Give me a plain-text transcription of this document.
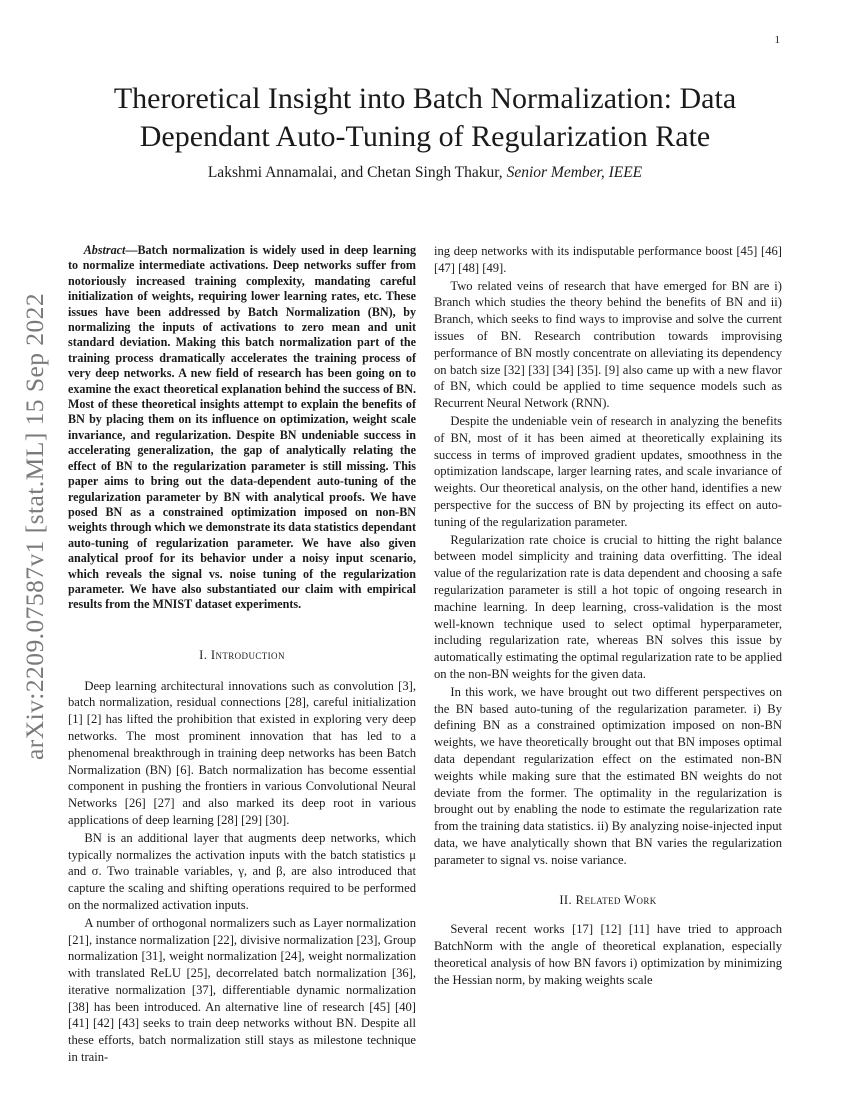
1
arXiv:2209.07587v1 [stat.ML] 15 Sep 2022
Theroretical Insight into Batch Normalization: Data Dependant Auto-Tuning of Regularization Rate
Lakshmi Annamalai, and Chetan Singh Thakur, Senior Member, IEEE

Abstract—Batch normalization is widely used in deep learning to normalize intermediate activations. Deep networks suffer from notoriously increased training complexity, mandating careful initialization of weights, requiring lower learning rates, etc. These issues have been addressed by Batch Normalization (BN), by normalizing the inputs of activations to zero mean and unit standard deviation. Making this batch normalization part of the training process dramatically accelerates the training process of very deep networks. A new field of research has been going on to examine the exact theoretical explanation behind the success of BN. Most of these theoretical insights attempt to explain the benefits of BN by placing them on its influence on optimization, weight scale invariance, and regularization. Despite BN undeniable success in accelerating generalization, the gap of analytically relating the effect of BN to the regularization parameter is still missing. This paper aims to bring out the data-dependent auto-tuning of the regularization parameter by BN with analytical proofs. We have posed BN as a constrained optimization imposed on non-BN weights through which we demonstrate its data statistics dependant auto-tuning of regularization parameter. We have also given analytical proof for its behavior under a noisy input scenario, which reveals the signal vs. noise tuning of the regularization parameter. We have also substantiated our claim with empirical results from the MNIST dataset experiments.

I. Introduction

Deep learning architectural innovations such as convolution [3], batch normalization, residual connections [28], careful initialization [1] [2] has lifted the prohibition that existed in exploring very deep networks. The most prominent innovation that has led to a phenomenal breakthrough in training deep networks has been Batch Normalization (BN) [6]. Batch normalization has become essential component in pushing the frontiers in various Convolutional Neural Networks [26] [27] and also marked its deep root in various applications of deep learning [28] [29] [30].

BN is an additional layer that augments deep networks, which typically normalizes the activation inputs with the batch statistics μ and σ. Two trainable variables, γ, and β, are also introduced that capture the scaling and shifting operations required to be performed on the normalized activation inputs.

A number of orthogonal normalizers such as Layer normalization [21], instance normalization [22], divisive normalization [23], Group normalization [31], weight normalization [24], weight normalization with translated ReLU [25], decorrelated batch normalization [36], iterative normalization [37], differentiable dynamic normalization [38] has been introduced. An alternative line of research [45] [40] [41] [42] [43] seeks to train deep networks without BN. Despite all these efforts, batch normalization still stays as milestone technique in train-

ing deep networks with its indisputable performance boost [45] [46] [47] [48] [49].

Two related veins of research that have emerged for BN are i) Branch which studies the theory behind the benefits of BN and ii) Branch, which seeks to find ways to improvise and solve the current issues of BN. Research contribution towards improvising performance of BN mostly concentrate on alleviating its dependency on batch size [32] [33] [34] [35]. [9] also came up with a new flavor of BN, which could be applied to time sequence models such as Recurrent Neural Network (RNN).

Despite the undeniable vein of research in analyzing the benefits of BN, most of it has been aimed at theoretically explaining its success in terms of improved gradient updates, smoothness in the optimization landscape, larger learning rates, and scale invariance of weights. Our theoretical analysis, on the other hand, identifies a new perspective for the success of BN by projecting its effect on auto-tuning of the regularization parameter.

Regularization rate choice is crucial to hitting the right balance between model simplicity and training data overfitting. The ideal value of the regularization rate is data dependent and choosing a safe regularization parameter is still a hot topic of ongoing research in machine learning. In deep learning, cross-validation is the most well-known technique used to select optimal hyperparameter, including regularization rate, whereas BN solves this issue by automatically estimating the optimal regularization rate to be applied on the non-BN weights for the given data.

In this work, we have brought out two different perspectives on the BN based auto-tuning of the regularization parameter. i) By defining BN as a constrained optimization imposed on non-BN weights, we have theoretically brought out that BN imposes optimal data dependant regularization effect on the estimated non-BN weights while making sure that the estimated BN weights do not deviate from the former. The optimality in the regularization is brought out by enabling the node to estimate the regularization rate from the training data statistics. ii) By analyzing noise-injected input data, we have analytically shown that BN varies the regularization parameter to signal vs. noise variance.

II. Related Work

Several recent works [17] [12] [11] have tried to approach BatchNorm with the angle of theoretical explanation, especially theoretical analysis of how BN favors i) optimization by minimizing the Hessian norm, by making weights scale
